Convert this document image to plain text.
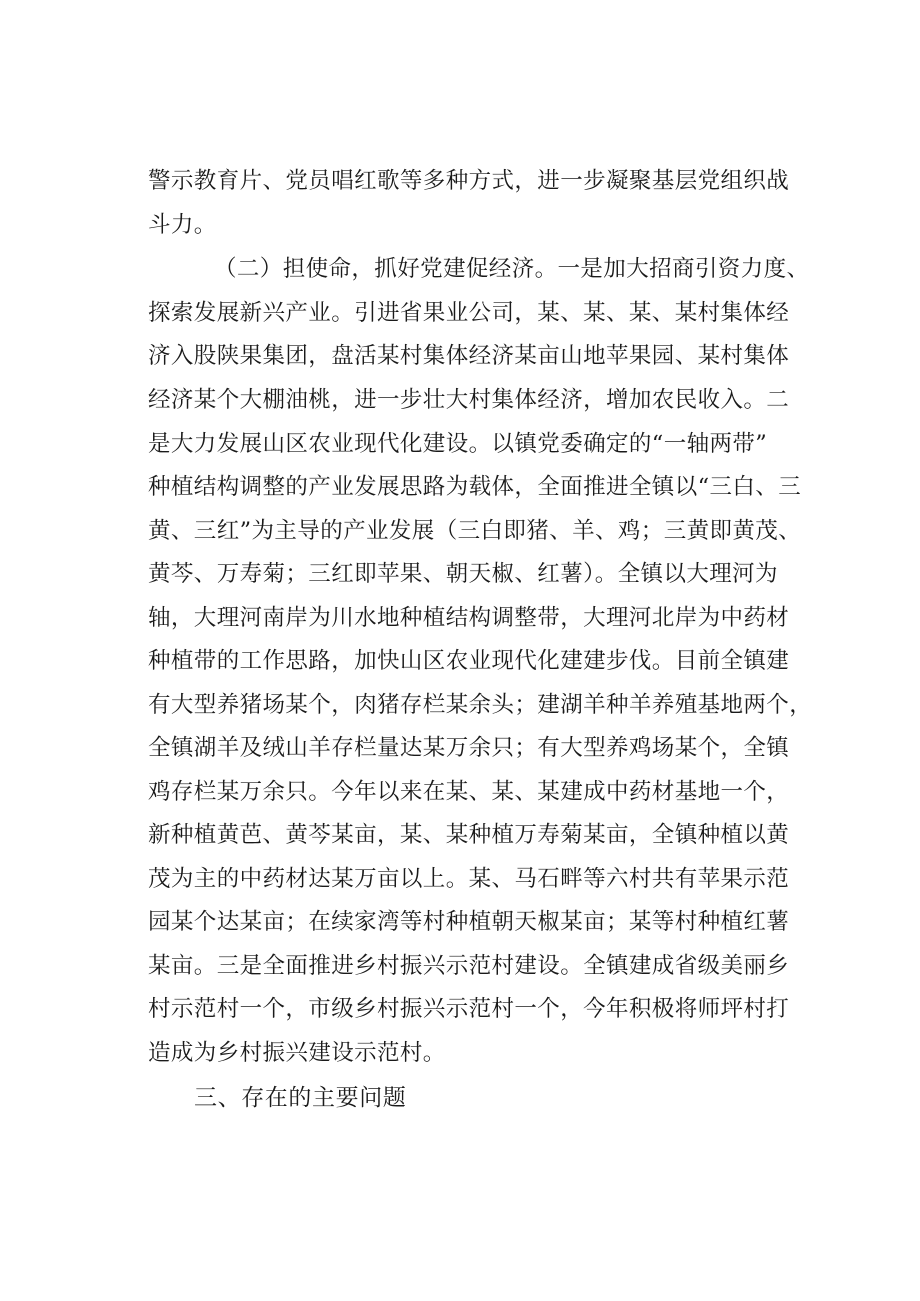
警示教育片、党员唱红歌等多种方式，进一步凝聚基层党组织战
斗力。
（二）担使命，抓好党建促经济。一是加大招商引资力度、
探索发展新兴产业。引进省果业公司，某、某、某、某村集体经
济入股陕果集团，盘活某村集体经济某亩山地苹果园、某村集体
经济某个大棚油桃，进一步壮大村集体经济，增加农民收入。二
是大力发展山区农业现代化建设。以镇党委确定的“一轴两带”
种植结构调整的产业发展思路为载体，全面推进全镇以“三白、三
黄、三红”为主导的产业发展（三白即猪、羊、鸡；三黄即黄茂、
黄芩、万寿菊；三红即苹果、朝天椒、红薯）。全镇以大理河为
轴，大理河南岸为川水地种植结构调整带，大理河北岸为中药材
种植带的工作思路，加快山区农业现代化建建步伐。目前全镇建
有大型养猪场某个，肉猪存栏某余头；建湖羊种羊养殖基地两个，
全镇湖羊及绒山羊存栏量达某万余只；有大型养鸡场某个，全镇
鸡存栏某万余只。今年以来在某、某、某建成中药材基地一个，
新种植黄芭、黄芩某亩，某、某种植万寿菊某亩，全镇种植以黄
茂为主的中药材达某万亩以上。某、马石畔等六村共有苹果示范
园某个达某亩；在续家湾等村种植朝天椒某亩；某等村种植红薯
某亩。三是全面推进乡村振兴示范村建设。全镇建成省级美丽乡
村示范村一个，市级乡村振兴示范村一个，今年积极将师坪村打
造成为乡村振兴建设示范村。
三、存在的主要问题
